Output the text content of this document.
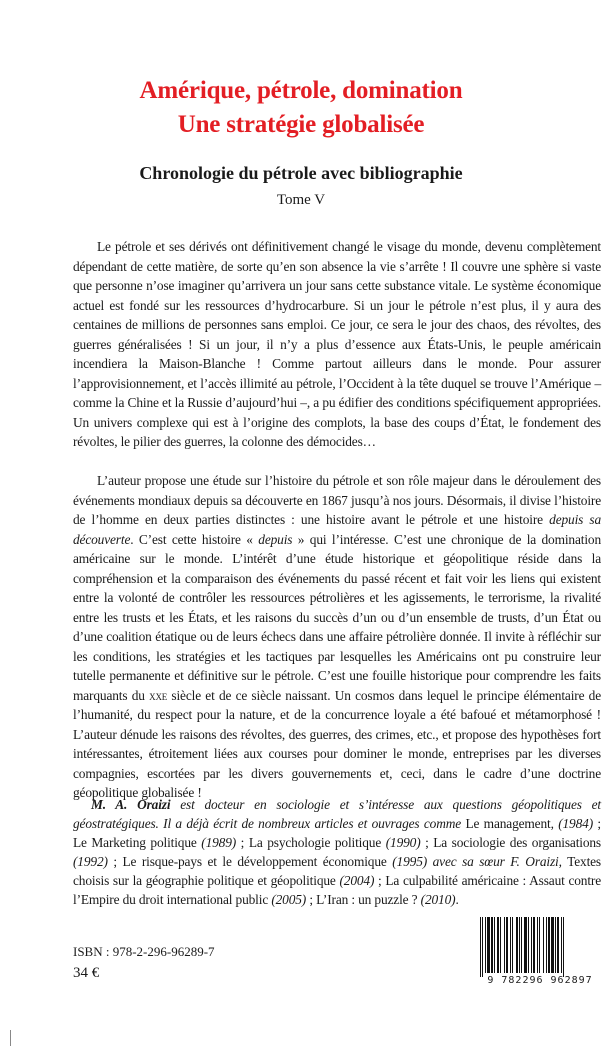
Amérique, pétrole, domination
Une stratégie globalisée
Chronologie du pétrole avec bibliographie
Tome V

Le pétrole et ses dérivés ont définitivement changé le visage du monde, devenu complètement dépendant de cette matière, de sorte qu’en son absence la vie s’arrête ! Il couvre une sphère si vaste que personne n’ose imaginer qu’arrivera un jour sans cette substance vitale. Le système économique actuel est fondé sur les ressources d’hydrocarbure. Si un jour le pétrole n’est plus, il y aura des centaines de millions de personnes sans emploi. Ce jour, ce sera le jour des chaos, des révoltes, des guerres généralisées ! Si un jour, il n’y a plus d’essence aux États-Unis, le peuple américain incendiera la Maison-Blanche ! Comme partout ailleurs dans le monde. Pour assurer l’approvisionnement, et l’accès illimité au pétrole, l’Occident à la tête duquel se trouve l’Amérique – comme la Chine et la Russie d’aujourd’hui –, a pu édifier des conditions spécifiquement appropriées. Un univers complexe qui est à l’origine des complots, la base des coups d’État, le fondement des révoltes, le pilier des guerres, la colonne des démocides…

L’auteur propose une étude sur l’histoire du pétrole et son rôle majeur dans le déroulement des événements mondiaux depuis sa découverte en 1867 jusqu’à nos jours. Désormais, il divise l’histoire de l’homme en deux parties distinctes : une histoire avant le pétrole et une histoire depuis sa découverte. C’est cette histoire « depuis » qui l’intéresse. C’est une chronique de la domination américaine sur le monde. L’intérêt d’une étude historique et géopolitique réside dans la compréhension et la comparaison des événements du passé récent et fait voir les liens qui existent entre la volonté de contrôler les ressources pétrolières et les agissements, le terrorisme, la rivalité entre les trusts et les États, et les raisons du succès d’un ou d’un ensemble de trusts, d’un État ou d’une coalition étatique ou de leurs échecs dans une affaire pétrolière donnée. Il invite à réfléchir sur les conditions, les stratégies et les tactiques par lesquelles les Américains ont pu construire leur tutelle permanente et définitive sur le pétrole. C’est une fouille historique pour comprendre les faits marquants du xxe siècle et de ce siècle naissant. Un cosmos dans lequel le principe élémentaire de l’humanité, du respect pour la nature, et de la concurrence loyale a été bafoué et métamorphosé ! L’auteur dénude les raisons des révoltes, des guerres, des crimes, etc., et propose des hypothèses fort intéressantes, étroitement liées aux courses pour dominer le monde, entreprises par les diverses compagnies, escortées par les divers gouvernements et, ceci, dans le cadre d’une doctrine géopolitique globalisée !

M. A. Oraizi est docteur en sociologie et s’intéresse aux questions géopolitiques et géostratégiques. Il a déjà écrit de nombreux articles et ouvrages comme Le management, (1984) ; Le Marketing politique (1989) ; La psychologie politique (1990) ; La sociologie des organisations (1992) ; Le risque-pays et le développement économique (1995) avec sa sœur F. Oraizi, Textes choisis sur la géographie politique et géopolitique (2004) ; La culpabilité américaine : Assaut contre l’Empire du droit international public (2005) ; L’Iran : un puzzle ? (2010).

ISBN : 978-2-296-96289-7
34 €	9 782296 962897
